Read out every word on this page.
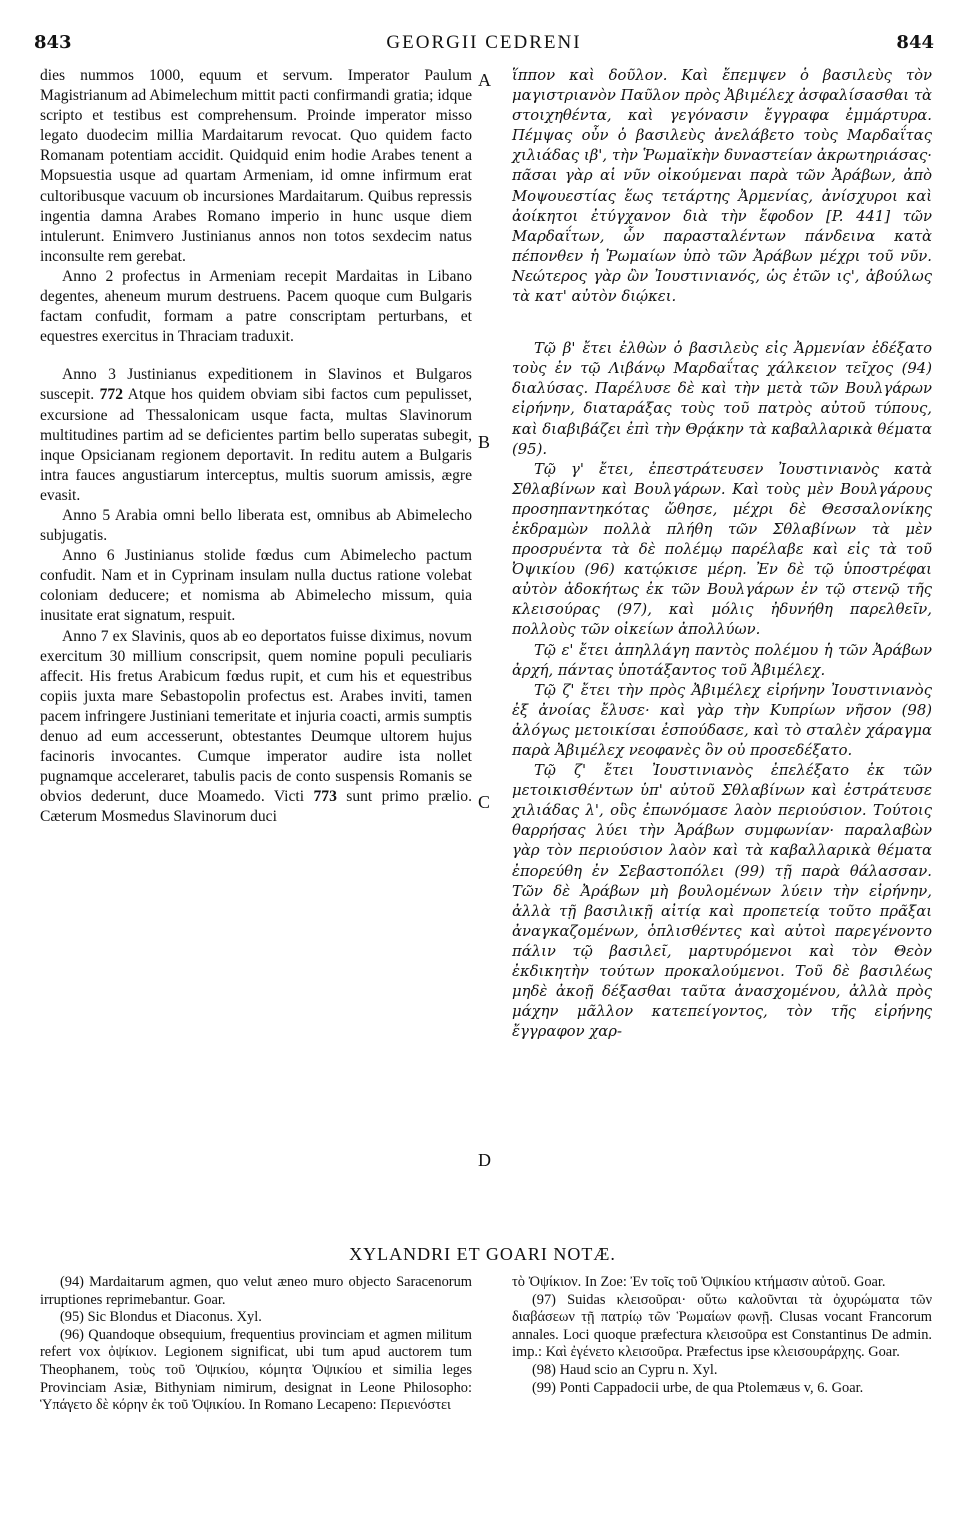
843	GEORGII CEDRENI	844
A
B
C
D

dies nummos 1000, equum et servum. Imperator Paulum Magistrianum ad Abimelechum mittit pacti confirmandi gratia; idque scripto et testibus est comprehensum. Proinde imperator misso legato duodecim millia Mardaitarum revocat. Quo quidem facto Romanam potentiam accidit. Quidquid enim hodie Arabes tenent a Mopsuestia usque ad quartam Armeniam, id omne infirmum erat cultoribusque vacuum ob incursiones Mardaitarum. Quibus repressis ingentia damna Arabes Romano imperio in hunc usque diem intulerunt. Enimvero Justinianus annos non totos sexdecim natus inconsulte rem gerebat.

Anno 2 profectus in Armeniam recepit Mardaitas in Libano degentes, aheneum murum destruens. Pacem quoque cum Bulgaris factam confudit, formam a patre conscriptam perturbans, et equestres exercitus in Thraciam traduxit.

Anno 3 Justinianus expeditionem in Slavinos et Bulgaros suscepit. 772 Atque hos quidem obviam sibi factos cum pepulisset, excursione ad Thessalonicam usque facta, multas Slavinorum multitudines partim ad se deficientes partim bello superatas subegit, inque Opsicianam regionem deportavit. In reditu autem a Bulgaris intra fauces angustiarum interceptus, multis suorum amissis, ægre evasit.

Anno 5 Arabia omni bello liberata est, omnibus ab Abimelecho subjugatis.

Anno 6 Justinianus stolide fœdus cum Abimelecho pactum confudit. Nam et in Cyprinam insulam nulla ductus ratione volebat coloniam deducere; et nomisma ab Abimelecho missum, quia inusitate erat signatum, respuit.

Anno 7 ex Slavinis, quos ab eo deportatos fuisse diximus, novum exercitum 30 millium conscripsit, quem nomine populi peculiaris affecit. His fretus Arabicum fœdus rupit, et cum his et equestribus copiis juxta mare Sebastopolin profectus est. Arabes inviti, tamen pacem infringere Justiniani temeritate et injuria coacti, armis sumptis denuo ad eum accesserunt, obtestantes Deumque ultorem hujus facinoris invocantes. Cumque imperator audire ista nollet pugnamque acceleraret, tabulis pacis de conto suspensis Romanis se obvios dederunt, duce Moamedo. Victi 773 sunt primo prælio. Cæterum Mosmedus Slavinorum duci

ἵππον καὶ δοῦλον. Καὶ ἔπεμψεν ὁ βασιλεὺς τὸν μαγιστριανὸν Παῦλον πρὸς Ἀβιμέλεχ ἀσφαλίσασθαι τὰ στοιχηθέντα, καὶ γεγόνασιν ἔγγραφα ἐμμάρτυρα. Πέμψας οὖν ὁ βασιλεὺς ἀνελάβετο τοὺς Μαρδαΐτας χιλιάδας ιβ', τὴν Ῥωμαϊκὴν δυναστείαν ἀκρωτηριάσας· πᾶσαι γὰρ αἱ νῦν οἰκούμεναι παρὰ τῶν Ἀράβων, ἀπὸ Μοψουεστίας ἕως τετάρτης Ἀρμενίας, ἀνίσχυροι καὶ ἀοίκητοι ἐτύγχανον διὰ τὴν ἔφοδον [P. 441] τῶν Μαρδαΐτων, ὧν παρασταλέντων πάνδεινα κατὰ πέπονθεν ἡ Ῥωμαίων ὑπὸ τῶν Ἀράβων μέχρι τοῦ νῦν. Νεώτερος γὰρ ὢν Ἰουστινιανός, ὡς ἐτῶν ις', ἀβούλως τὰ κατ' αὐτὸν διῴκει.

Τῷ β' ἔτει ἐλθὼν ὁ βασιλεὺς εἰς Ἀρμενίαν ἐδέξατο τοὺς ἐν τῷ Λιβάνῳ Μαρδαΐτας χάλκειον τεῖχος (94) διαλύσας. Παρέλυσε δὲ καὶ τὴν μετὰ τῶν Βουλγάρων εἰρήνην, διαταράξας τοὺς τοῦ πατρὸς αὐτοῦ τύπους, καὶ διαβιβάζει ἐπὶ τὴν Θρᾴκην τὰ καβαλλαρικὰ θέματα (95).

Τῷ γ' ἔτει, ἐπεστράτευσεν Ἰουστινιανὸς κατὰ Σθλαβίνων καὶ Βουλγάρων. Καὶ τοὺς μὲν Βουλγάρους προσηπαντηκότας ὤθησε, μέχρι δὲ Θεσσαλονίκης ἐκδραμὼν πολλὰ πλήθη τῶν Σθλαβίνων τὰ μὲν προσρυέντα τὰ δὲ πολέμῳ παρέλαβε καὶ εἰς τὰ τοῦ Ὀψικίου (96) κατῴκισε μέρη. Ἐν δὲ τῷ ὑποστρέφαι αὐτὸν ἀδοκήτως ἐκ τῶν Βουλγάρων ἐν τῷ στενῷ τῆς κλεισούρας (97), καὶ μόλις ἠδυνήθη παρελθεῖν, πολλοὺς τῶν οἰκείων ἀπολλύων.

Τῷ ε' ἔτει ἀπηλλάγη παντὸς πολέμου ἡ τῶν Ἀράβων ἀρχή, πάντας ὑποτάξαντος τοῦ Ἀβιμέλεχ.

Τῷ ζ' ἔτει τὴν πρὸς Ἀβιμέλεχ εἰρήνην Ἰουστινιανὸς ἐξ ἀνοίας ἔλυσε· καὶ γὰρ τὴν Κυπρίων νῆσον (98) ἀλόγως μετοικίσαι ἐσπούδασε, καὶ τὸ σταλὲν χάραγμα παρὰ Ἀβιμέλεχ νεοφανὲς ὂν οὐ προσεδέξατο.

Τῷ ζ' ἔτει Ἰουστινιανὸς ἐπελέξατο ἐκ τῶν μετοικισθέντων ὑπ' αὐτοῦ Σθλαβίνων καὶ ἐστράτευσε χιλιάδας λ', οὓς ἐπωνόμασε λαὸν περιούσιον. Τούτοις θαρρήσας λύει τὴν Ἀράβων συμφωνίαν· παραλαβὼν γὰρ τὸν περιούσιον λαὸν καὶ τὰ καβαλλαρικὰ θέματα ἐπορεύθη ἐν Σεβαστοπόλει (99) τῇ παρὰ θάλασσαν. Τῶν δὲ Ἀράβων μὴ βουλομένων λύειν τὴν εἰρήνην, ἀλλὰ τῇ βασιλικῇ αἰτίᾳ καὶ προπετείᾳ τοῦτο πρᾶξαι ἀναγκαζομένων, ὁπλισθέντες καὶ αὐτοὶ παρεγένοντο πάλιν τῷ βασιλεῖ, μαρτυρόμενοι καὶ τὸν Θεὸν ἐκδικητὴν τούτων προκαλούμενοι. Τοῦ δὲ βασιλέως μηδὲ ἀκοῇ δέξασθαι ταῦτα ἀνασχομένου, ἀλλὰ πρὸς μάχην μᾶλλον κατεπείγοντος, τὸν τῆς εἰρήνης ἔγγραφον χαρ-

XYLANDRI ET GOARI NOTÆ.

(94) Mardaitarum agmen, quo velut æneo muro objecto Saracenorum irruptiones reprimebantur. Goar.

(95) Sic Blondus et Diaconus. Xyl.

(96) Quandoque obsequium, frequentius provinciam et agmen militum refert vox ὀψίκιον. Legionem significat, ubi tum apud auctorem tum Theophanem, τοὺς τοῦ Ὀψικίου, κόμητα Ὀψικίου et similia leges Provinciam Asiæ, Bithyniam nimirum, designat in Leone Philosopho: Ὑπάγετο δὲ κόρην ἐκ τοῦ Ὀψικίου. In Romano Lecapeno: Περιενόστει

τὸ Ὀψίκιον. In Zoe: Ἐν τοῖς τοῦ Ὀψικίου κτήμασιν αὐτοῦ. Goar.

(97) Suidas κλεισοῦραι· οὕτω καλοῦνται τὰ ὀχυρώματα τῶν διαβάσεων τῇ πατρίῳ τῶν Ῥωμαίων φωνῇ. Clusas vocant Francorum annales. Loci quoque præfectura κλεισοῦρα est Constantinus De admin. imp.: Καὶ ἐγένετο κλεισοῦρα. Præfectus ipse κλεισουράρχης. Goar.

(98) Haud scio an Cypru n. Xyl.

(99) Ponti Cappadocii urbe, de qua Ptolemæus v, 6. Goar.
